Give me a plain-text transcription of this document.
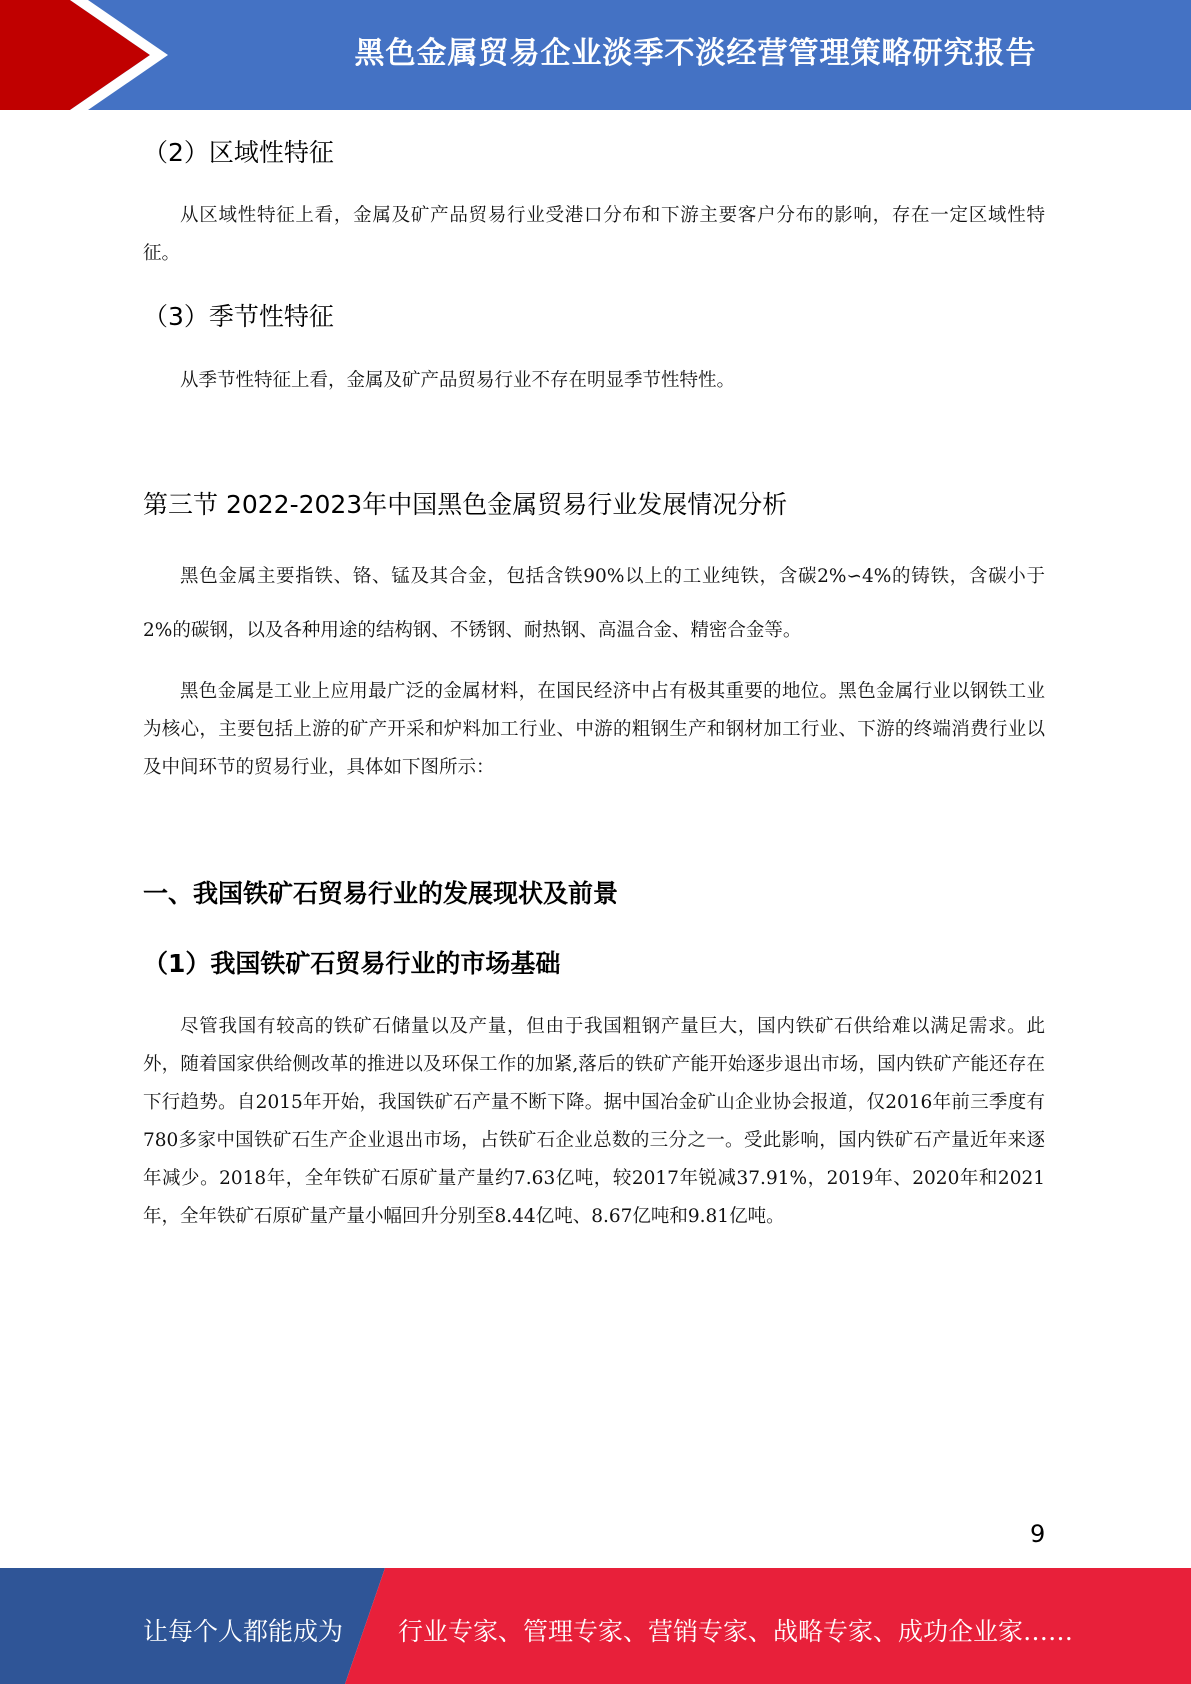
黑色金属贸易企业淡季不淡经营管理策略研究报告
（2）区域性特征
从区域性特征上看，金属及矿产品贸易行业受港口分布和下游主要客户分布的影响，存在一定区域性特征。
（3）季节性特征
从季节性特征上看，金属及矿产品贸易行业不存在明显季节性特性。
第三节 2022-2023年中国黑色金属贸易行业发展情况分析
黑色金属主要指铁、铬、锰及其合金，包括含铁90%以上的工业纯铁，含碳2%∽4%的铸铁，含碳小于2%的碳钢，以及各种用途的结构钢、不锈钢、耐热钢、高温合金、精密合金等。
黑色金属是工业上应用最广泛的金属材料，在国民经济中占有极其重要的地位。黑色金属行业以钢铁工业为核心，主要包括上游的矿产开采和炉料加工行业、中游的粗钢生产和钢材加工行业、下游的终端消费行业以及中间环节的贸易行业，具体如下图所示：
一、我国铁矿石贸易行业的发展现状及前景
（1）我国铁矿石贸易行业的市场基础
尽管我国有较高的铁矿石储量以及产量，但由于我国粗钢产量巨大，国内铁矿石供给难以满足需求。此外，随着国家供给侧改革的推进以及环保工作的加紧,落后的铁矿产能开始逐步退出市场，国内铁矿产能还存在下行趋势。自2015年开始，我国铁矿石产量不断下降。据中国冶金矿山企业协会报道，仅2016年前三季度有780多家中国铁矿石生产企业退出市场，占铁矿石企业总数的三分之一。受此影响，国内铁矿石产量近年来逐年减少。2018年，全年铁矿石原矿量产量约7.63亿吨，较2017年锐减37.91%，2019年、2020年和2021年，全年铁矿石原矿量产量小幅回升分别至8.44亿吨、8.67亿吨和9.81亿吨。
9
让每个人都能成为 行业专家、管理专家、营销专家、战略专家、成功企业家……
